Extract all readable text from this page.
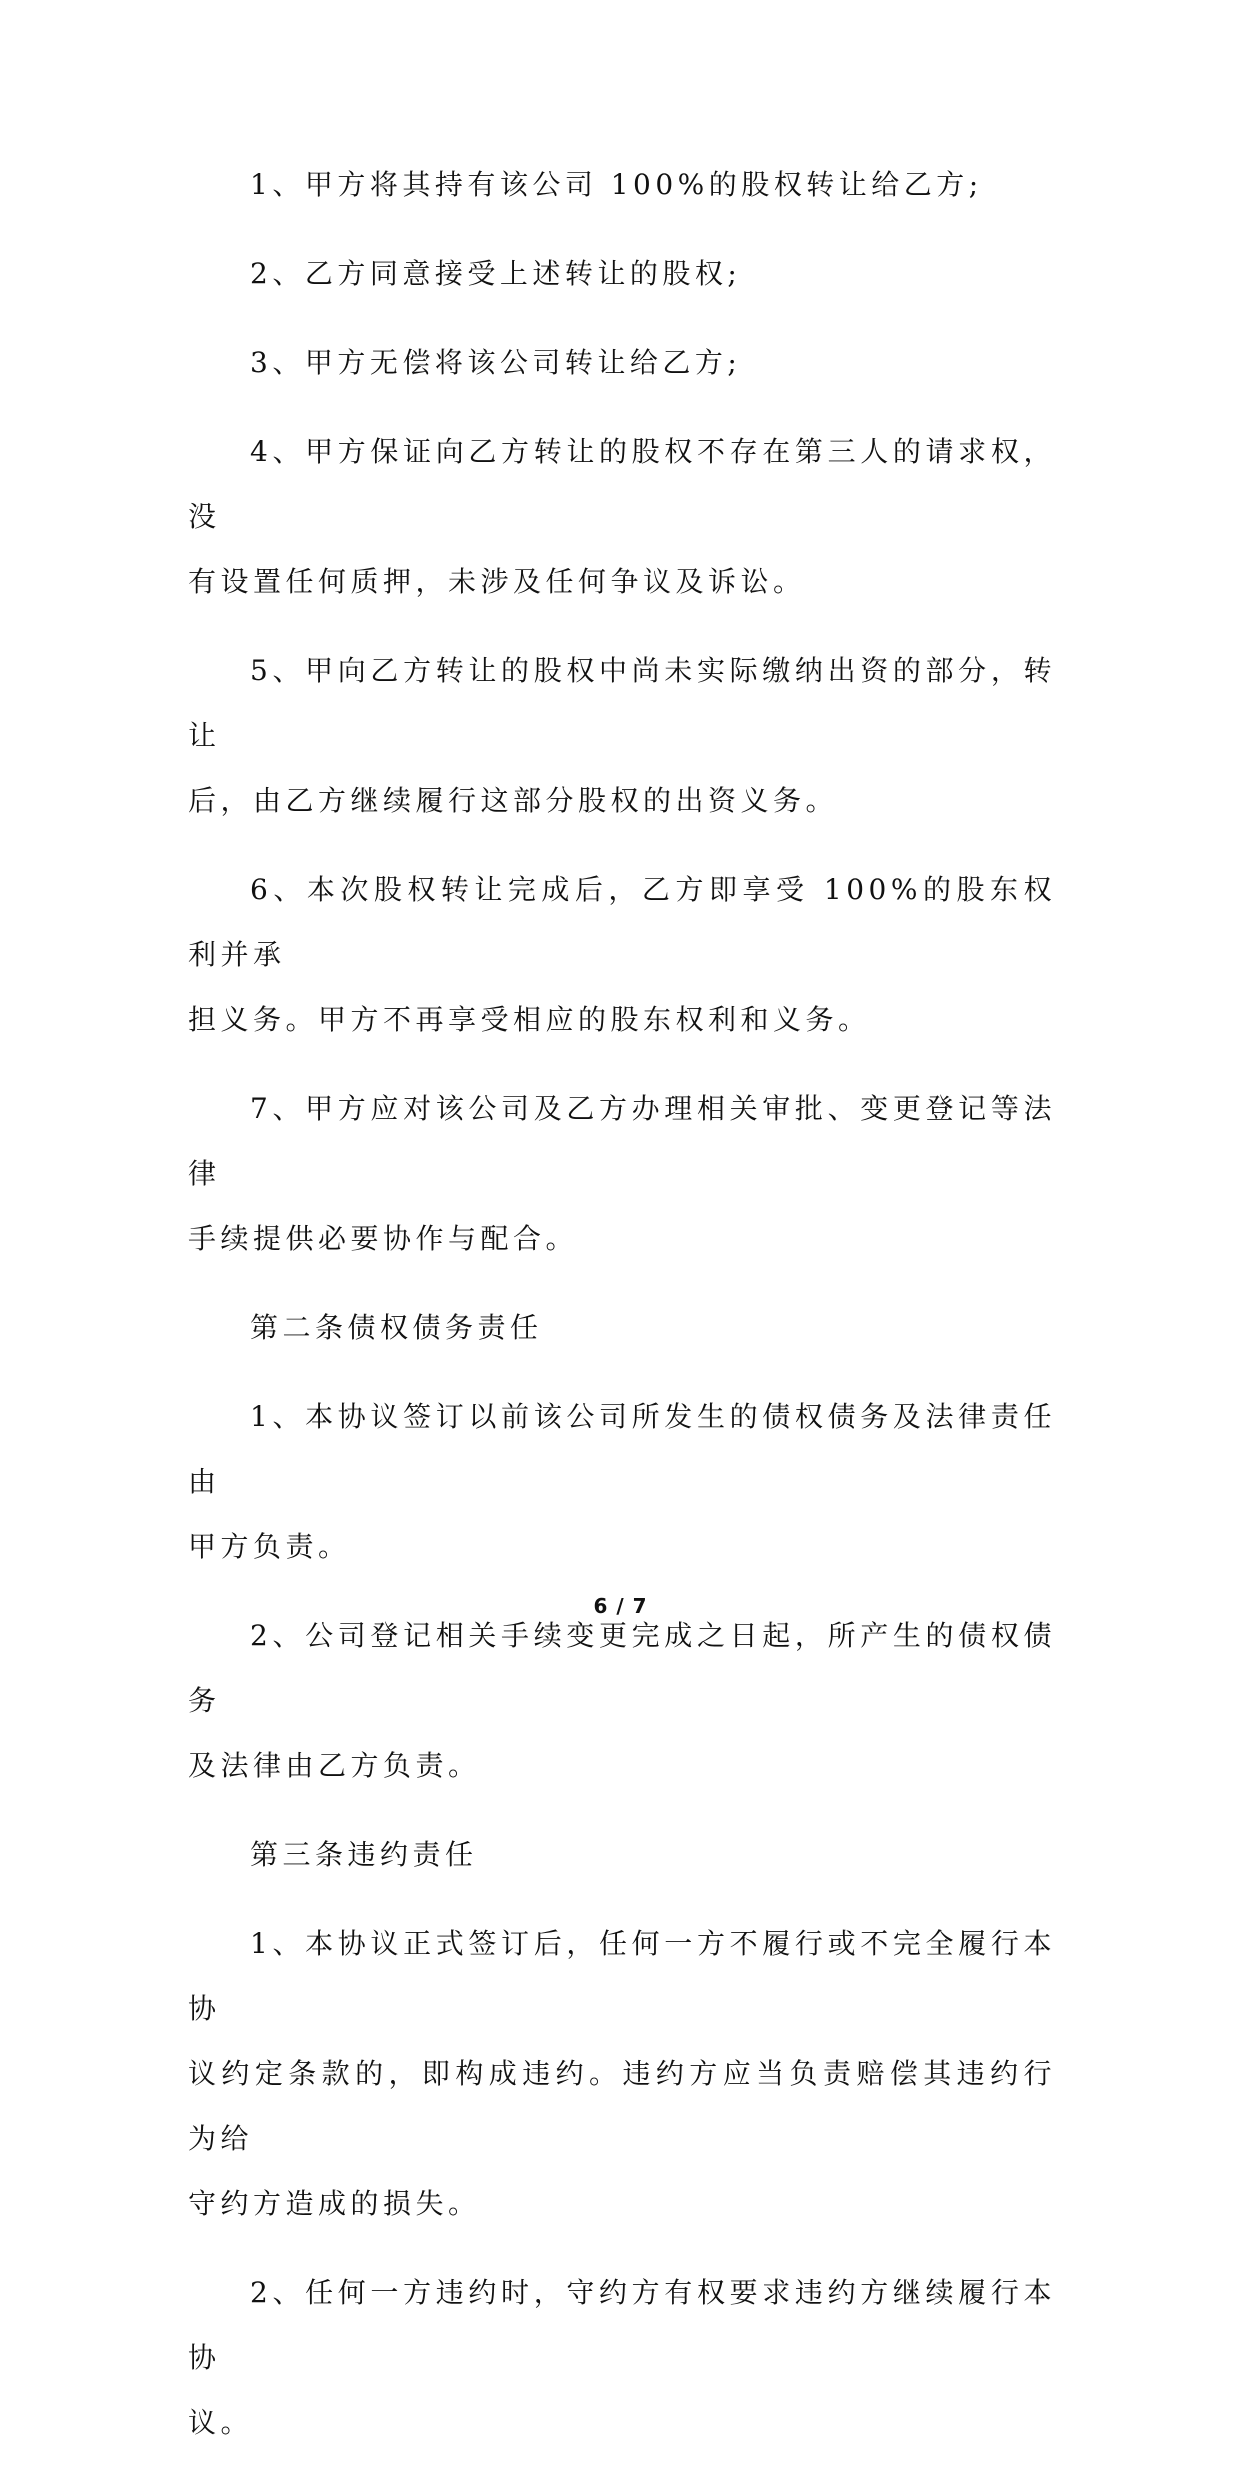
1、甲方将其持有该公司 100%的股权转让给乙方;

2、乙方同意接受上述转让的股权;

3、甲方无偿将该公司转让给乙方;

4、甲方保证向乙方转让的股权不存在第三人的请求权，没
有设置任何质押，未涉及任何争议及诉讼。

5、甲向乙方转让的股权中尚未实际缴纳出资的部分，转让
后，由乙方继续履行这部分股权的出资义务。

6、本次股权转让完成后，乙方即享受 100%的股东权利并承
担义务。甲方不再享受相应的股东权利和义务。

7、甲方应对该公司及乙方办理相关审批、变更登记等法律
手续提供必要协作与配合。

第二条债权债务责任

1、本协议签订以前该公司所发生的债权债务及法律责任由
甲方负责。

2、公司登记相关手续变更完成之日起，所产生的债权债务
及法律由乙方负责。

第三条违约责任

1、本协议正式签订后，任何一方不履行或不完全履行本协
议约定条款的，即构成违约。违约方应当负责赔偿其违约行为给
守约方造成的损失。

2、任何一方违约时，守约方有权要求违约方继续履行本协
议。

6 / 7
